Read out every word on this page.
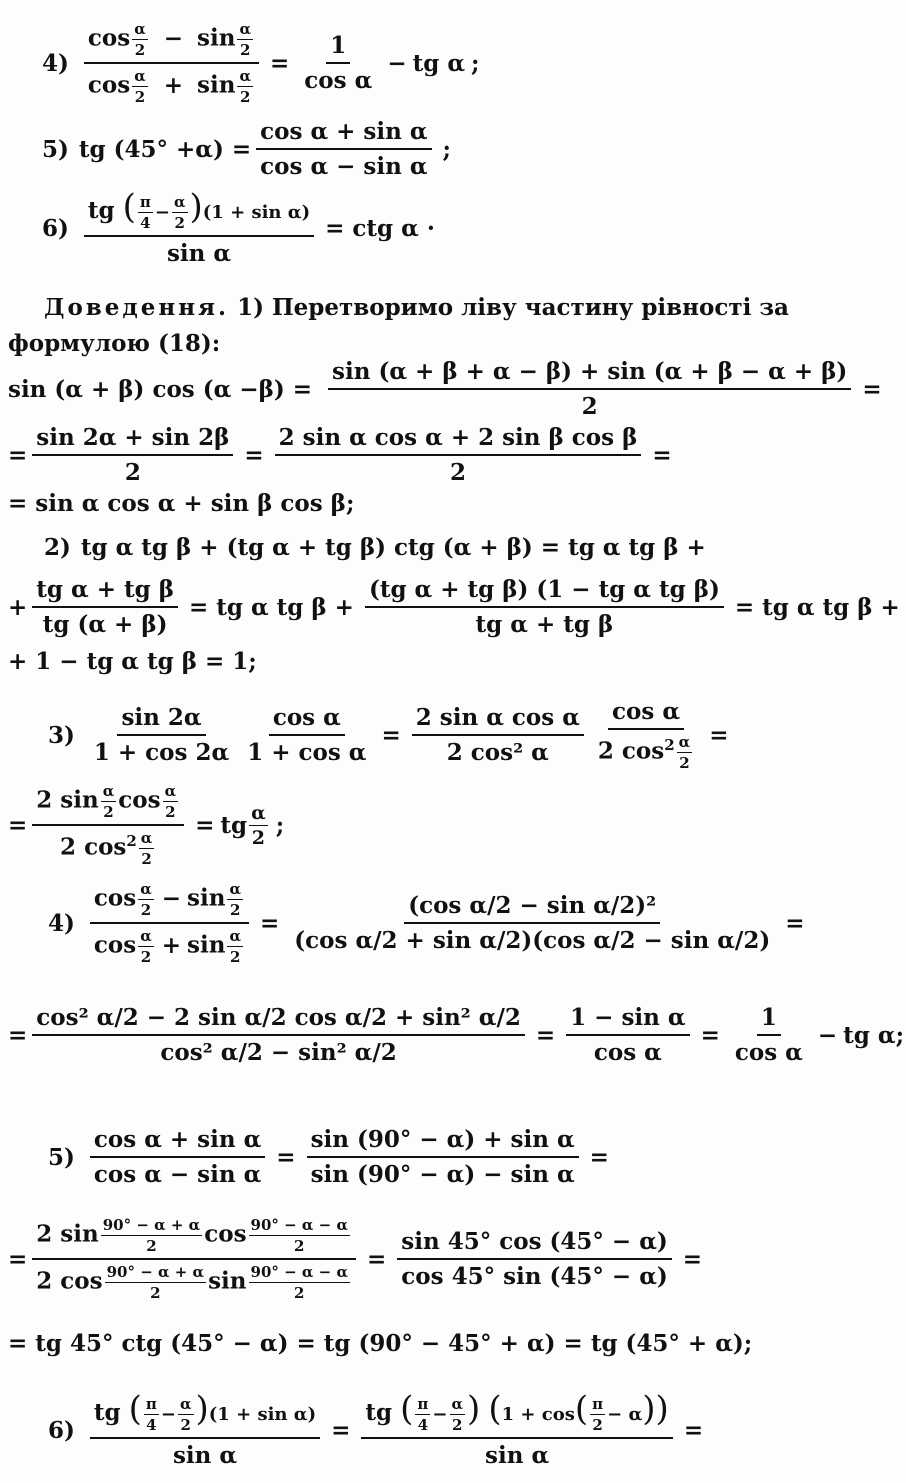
$4) \frac{\cos \frac{\alpha}{2} - \sin \frac{\alpha}{2}}{\cos \frac{\alpha}{2} + \sin \frac{\alpha}{2}} = \frac{1}{\text{cos α}}$ − tg
α ;
5) tg $(45^\circ +\alpha) = \frac{\text{cos α + sin α}}{\text{cos α − sin α}}$ ;
$6) \frac{tg ( \frac{\pi}{4} - \frac{\alpha}{2} )(1 + \sin \alpha)}{\text{sin α}}$ = ctg α ·
Доведення. 1) Перетворимо ліву частину рівності за формулою (18):
sin (α + β) $\cos (\alpha -\beta) = \frac{\sin (\alpha + \beta + \alpha - \beta) + \sin (\alpha + \beta - \alpha + \beta)}{2}$ =
= $\frac{\sin 2\alpha + \sin 2\beta}{2} = \frac{\text{2 sin α cos α + 2 sin β cos β}}{2}$ =
= sin α cos α + sin β cos β;
2) tg α tg β + (tg α + tg β) ctg (α + β) = tg α tg β +
+ $\frac{\text{tg α + tg β}}{tg (\alpha + \beta)}$ = tg α tg $\beta + \frac{\text{(tg α + tg β) (1 − tg α tg β)}}{\text{tg α + tg β}}$ = tg α tg β +
+ 1 − tg α tg β = 1;
$3) \frac{\sin 2\alpha}{1 + \cos 2\alpha} \frac{\text{cos α}}{\text{1 + cos α}} = \frac{\text{2 sin α cos α}}{\text{2 cos² α}} \frac{\text{cos α}}{2 \cos^2 \frac{\alpha}{2}}$ =
= $\frac{2 \sin \frac{\alpha}{2} \cos \frac{\alpha}{2}}{2 \cos^2 \frac{\alpha}{2}}$ = tg $\frac{\alpha}{2}$ ;
$4) \frac{\cos \frac{\alpha}{2} - \sin \frac{\alpha}{2}}{\cos \frac{\alpha}{2} + \sin \frac{\alpha}{2}} = \frac{\text{(cos α/2 − sin α/2)²}}{\text{(cos α/2 + sin α/2)(cos α/2 − sin α/2)}}$ =
= $\frac{\text{cos² α/2 − 2 sin α/2 cos α/2 + sin² α/2}}{\text{cos² α/2 − sin² α/2}} = \frac{\text{1 − sin α}}{\text{cos α}} = \frac{1}{\text{cos α}}$ − tg
α ;
$5) \frac{\text{cos α + sin α}}{\text{cos α − sin α}} = \frac{\text{sin (90° − α) + sin α}}{\text{sin (90° − α) − sin α}}$ =
= $\frac{2 \sin \frac{90^\circ - \alpha + \alpha}{2} \cos \frac{90^\circ - \alpha - \alpha}{2}}{2 \cos \frac{90^\circ - \alpha + \alpha}{2} \sin \frac{90^\circ - \alpha - \alpha}{2}} = \frac{\sin 45^\circ \cos (45^\circ - \alpha)}{\cos 45^\circ \sin (45^\circ - \alpha)}$ =
= tg 45° ctg (45° − α) = tg (90° − 45° + α) = tg (45° + α);
$6) \frac{tg ( \frac{\pi}{4} - \frac{\alpha}{2} )(1 + \sin \alpha)}{\text{sin α}} = \frac{tg ( \frac{\pi}{4} - \frac{\alpha}{2} ) (1 + \cos( \frac{\pi}{2} - \alpha))}{\text{sin α}}$ =
